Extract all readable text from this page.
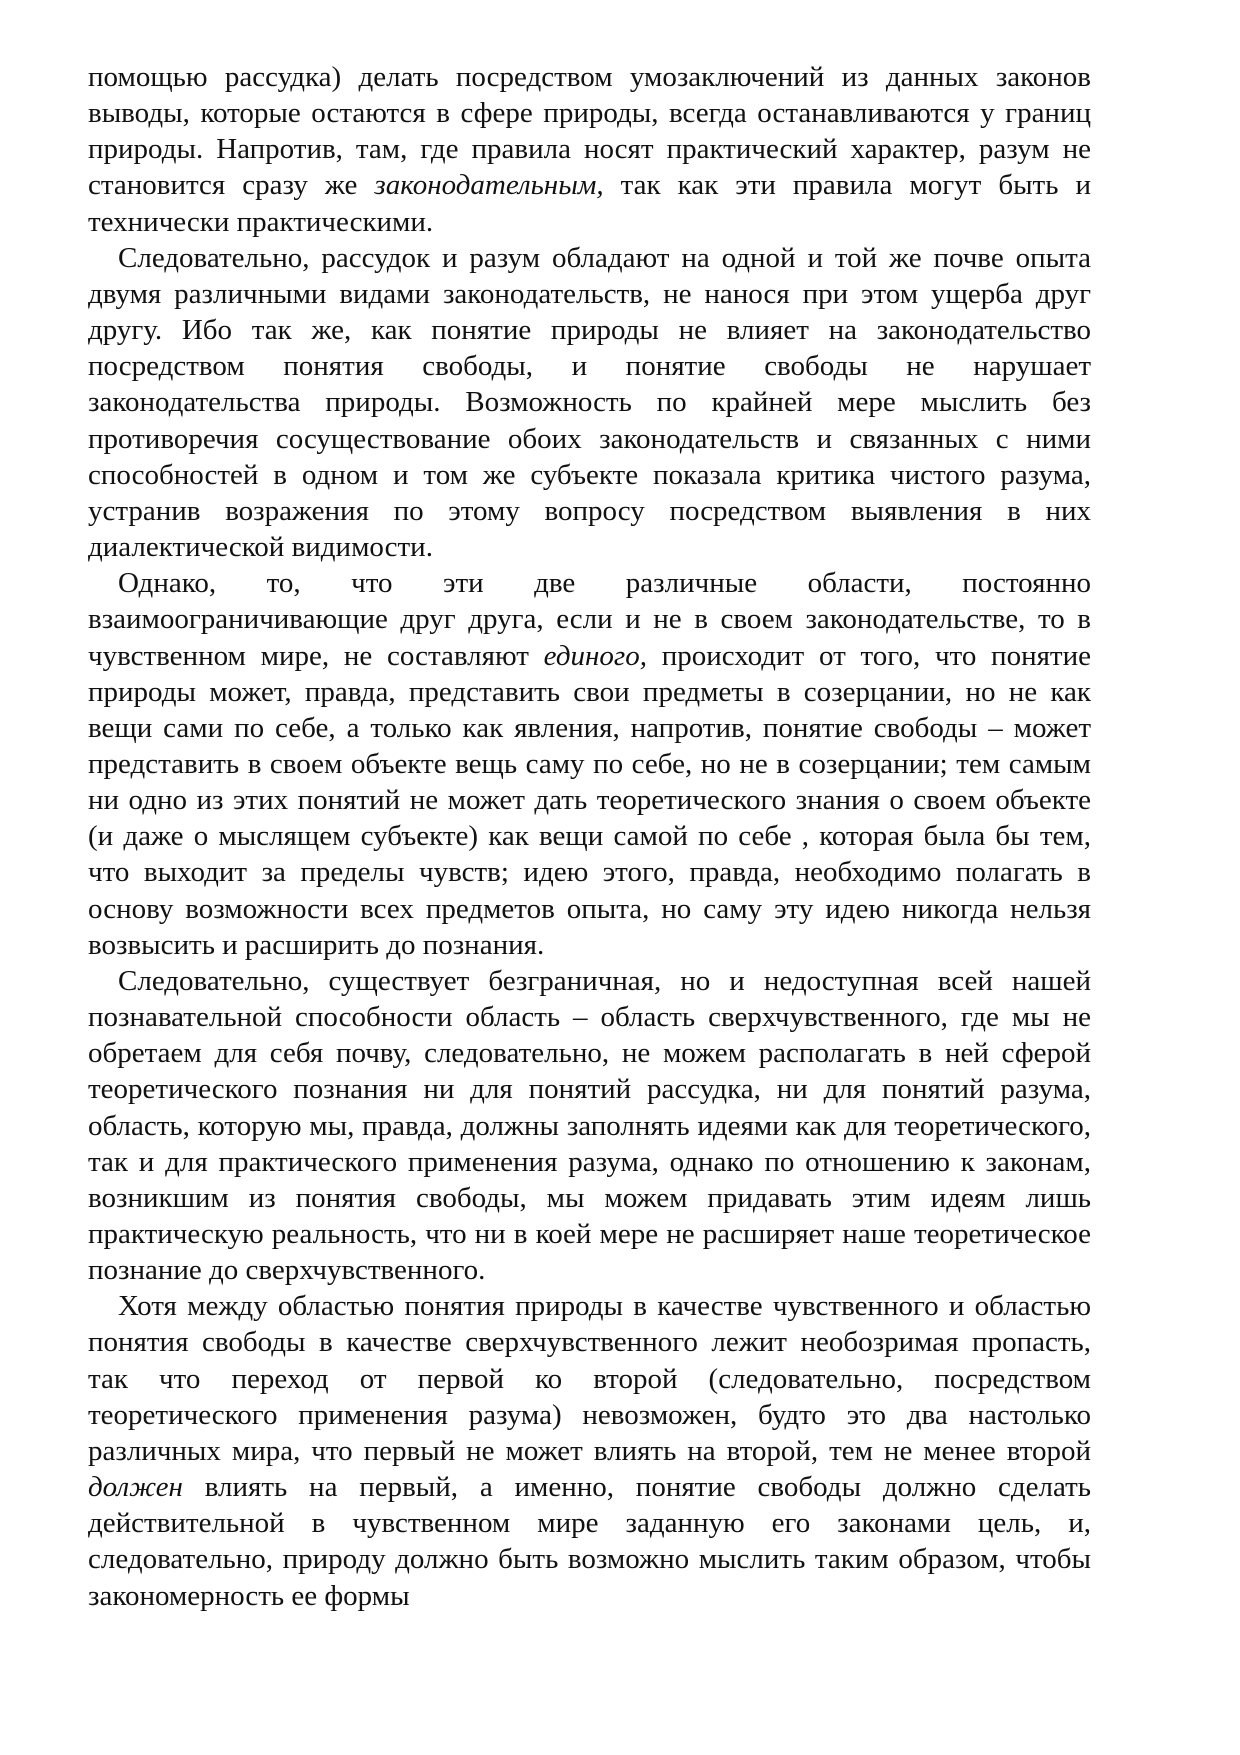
помощью рассудка) делать посредством умозаключений из данных законов выводы, которые остаются в сфере природы, всегда останавливаются у границ природы. Напротив, там, где правила носят практический характер, разум не становится сразу же законодательным, так как эти правила могут быть и технически практическими.

Следовательно, рассудок и разум обладают на одной и той же почве опыта двумя различными видами законодательств, не нанося при этом ущерба друг другу. Ибо так же, как понятие природы не влияет на законодательство посредством понятия свободы, и понятие свободы не нарушает законодательства природы. Возможность по крайней мере мыслить без противоречия сосуществование обоих законодательств и связанных с ними способностей в одном и том же субъекте показала критика чистого разума, устранив возражения по этому вопросу посредством выявления в них диалектической видимости.

Однако, то, что эти две различные области, постоянно взаимоограничивающие друг друга, если и не в своем законодательстве, то в чувственном мире, не составляют единого, происходит от того, что понятие природы может, правда, представить свои предметы в созерцании, но не как вещи сами по себе, а только как явления, напротив, понятие свободы – может представить в своем объекте вещь саму по себе, но не в созерцании; тем самым ни одно из этих понятий не может дать теоретического знания о своем объекте (и даже о мыслящем субъекте) как вещи самой по себе , которая была бы тем, что выходит за пределы чувств; идею этого, правда, необходимо полагать в основу возможности всех предметов опыта, но саму эту идею никогда нельзя возвысить и расширить до познания.

Следовательно, существует безграничная, но и недоступная всей нашей познавательной способности область – область сверхчувственного, где мы не обретаем для себя почву, следовательно, не можем располагать в ней сферой теоретического познания ни для понятий рассудка, ни для понятий разума, область, которую мы, правда, должны заполнять идеями как для теоретического, так и для практического применения разума, однако по отношению к законам, возникшим из понятия свободы, мы можем придавать этим идеям лишь практическую реальность, что ни в коей мере не расширяет наше теоретическое познание до сверхчувственного.

Хотя между областью понятия природы в качестве чувственного и областью понятия свободы в качестве сверхчувственного лежит необозримая пропасть, так что переход от первой ко второй (следовательно, посредством теоретического применения разума) невозможен, будто это два настолько различных мира, что первый не может влиять на второй, тем не менее второй должен влиять на первый, а именно, понятие свободы должно сделать действительной в чувственном мире заданную его законами цель, и, следовательно, природу должно быть возможно мыслить таким образом, чтобы закономерность ее формы
